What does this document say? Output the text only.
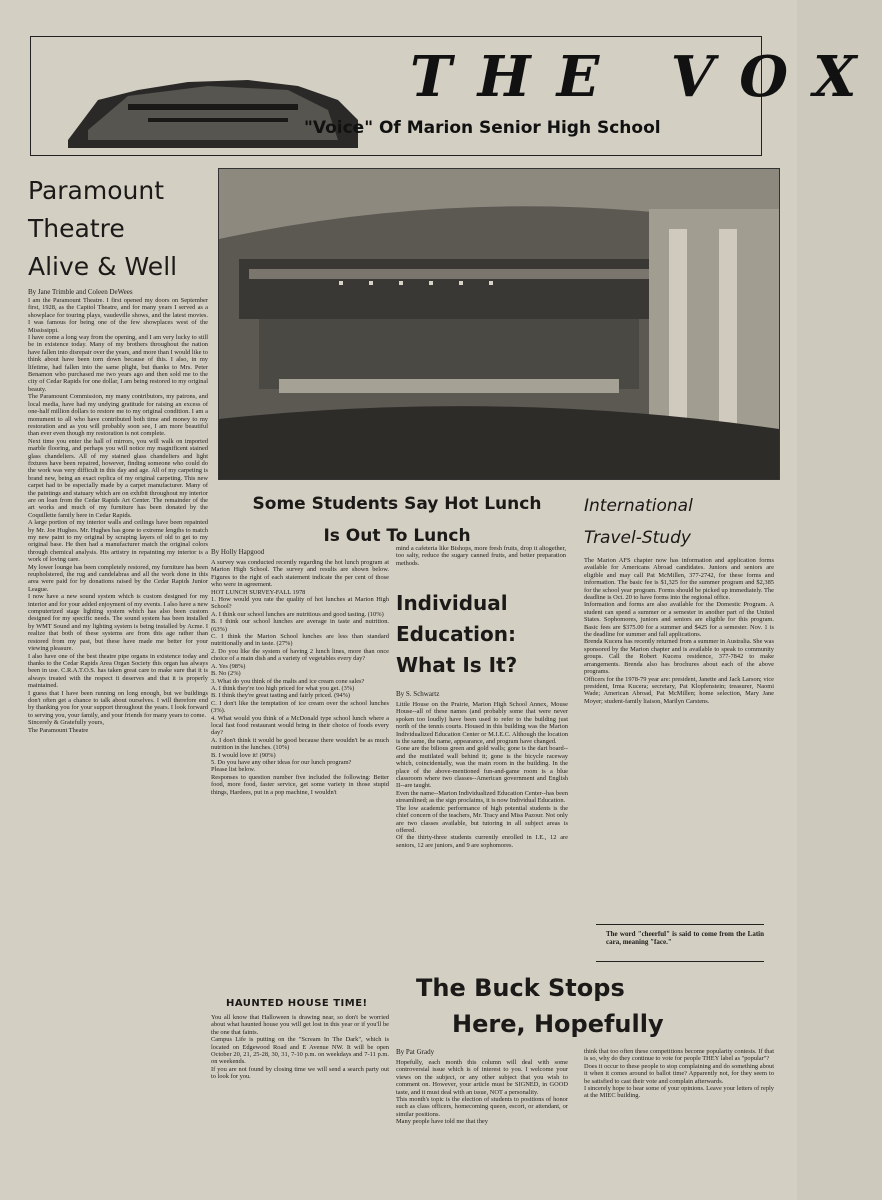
THE VOX
"Voice" Of Marion Senior High School
Paramount
Theatre
Alive & Well
By Jane Trimble and Coleen DeWees
I am the Paramount Theatre. I first opened my doors on September first, 1928, as the Capitol Theatre, and for many years I served as a showplace for touring plays, vaudeville shows, and the latest movies. I was famous for being one of the few showplaces west of the Mississippi.
I have come a long way from the opening, and I am very lucky to still be in existence today. Many of my brothers throughout the nation have fallen into disrepair over the years, and more than I would like to think about have been torn down because of this. I also, in my lifetime, had fallen into the same plight, but thanks to Mrs. Peter Benamon who purchased me two years ago and then sold me to the city of Cedar Rapids for one dollar, I am being restored to my original beauty.
The Paramount Commission, my many contributors, my patrons, and local media, have had my undying gratitude for raising an excess of one-half million dollars to restore me to my original condition. I am a monument to all who have contributed both time and money to my restoration and as you will probably soon see, I am more beautiful than ever even though my restoration is not complete.
Next time you enter the hall of mirrors, you will walk on imported marble flooring, and perhaps you will notice my magnificent stained glass chandeliers. All of my stained glass chandeliers and light fixtures have been repaired, however, finding someone who could do the work was very difficult in this day and age. All of my carpeting is brand new, being an exact replica of my original carpeting. This new carpet had to be especially made by a carpet manufacturer. Many of the paintings and statuary which are on exhibit throughout my interior are on loan from the Cedar Rapids Art Center. The remainder of the art works and much of my furniture has been donated by the Coquillette family here in Cedar Rapids.
A large portion of my interior walls and ceilings have been repainted by Mr. Joe Hughes. Mr. Hughes has gone to extreme lengths to match my new paint to my original by scraping layers of old to get to my original base. He then had a manufacturer match the original colors through chemical analysis. His artistry in repainting my interior is a work of loving care.
My lower lounge has been completely restored, my furniture has been reupholstered, the rug and candelabras and all the work done in this area were paid for by donations raised by the Cedar Rapids Junior League.
I now have a new sound system which is custom designed for my interior and for your added enjoyment of my events. I also have a new computerized stage lighting system which has also been custom designed for my specific needs. The sound system has been installed by WMT Sound and my lighting system is being installed by Acme. I realize that both of these systems are from this age rather than restored from my past, but these have made me better for your viewing pleasure.
I also have one of the best theatre pipe organs in existence today and thanks to the Cedar Rapids Area Organ Society this organ has always been in use. C.R.A.T.O.S. has taken great care to make sure that it is always treated with the respect it deserves and that it is properly maintained.
I guess that I have been running on long enough, but we buildings don't often get a chance to talk about ourselves. I will therefore end by thanking you for your support throughout the years. I look forward to serving you, your family, and your friends for many years to come.
Sincerely & Gratefully yours,
The Paramount Theatre
Some Students Say Hot Lunch
Is Out To Lunch
By Holly Hapgood
A survey was conducted recently regarding the hot lunch program at Marion High School. The survey and results are shown below. Figures to the right of each statement indicate the per cent of those who were in agreement.
HOT LUNCH SURVEY-FALL 1978
1. How would you rate the quality of hot lunches at Marion High School?
A. I think our school lunches are nutritious and good tasting. (10%)
B. I think our school lunches are average in taste and nutrition. (63%)
C. I think the Marion School lunches are less than standard nutritionally and in taste. (27%)
2. Do you like the system of having 2 lunch lines, more than once choice of a main dish and a variety of vegetables every day?
A. Yes (98%)
B. No (2%)
3. What do you think of the malts and ice cream cone sales?
A. I think they're too high priced for what you get. (3%)
B. I think they're great tasting and fairly priced. (94%)
C. I don't like the temptation of ice cream over the school lunches (3%).
4. What would you think of a McDonald type school lunch where a local fast food restaurant would bring in their choice of foods every day?
A. I don't think it would be good because there wouldn't be as much nutrition in the lunches. (10%)
B. I would love it! (90%)
5. Do you have any other ideas for our lunch program?
Please list below.
Responses to question number five included the following: Better food, more food, faster service, get some variety in those stupid things, Hardees, put in a pop machine, I wouldn't
mind a cafeteria like Bishops, more fresh fruits, drop it altogether, too salty, reduce the sugary canned fruits, and better preparation methods.
HAUNTED HOUSE TIME!
You all know that Halloween is drawing near, so don't be worried about what haunted house you will get lost in this year or if you'll be the one that faints.
Campus Life is putting on the "Scream In The Dark", which is located on Edgewood Road and E Avenue NW. It will be open October 20, 21, 25-28, 30, 31, 7-10 p.m. on weekdays and 7-11 p.m. on weekends.
If you are not found by closing time we will send a search party out to look for you.
Individual
Education:
What Is It?
By S. Schwartz
Little House on the Prairie, Marion High School Annex, Mouse House--all of these names (and probably some that were never spoken too loudly) have been used to refer to the building just north of the tennis courts. Housed in this building was the Marion Individualized Education Center or M.I.E.C. Although the location is the same, the name, appearance, and program have changed.
Gone are the bilious green and gold walls; gone is the dart board--and the mutilated wall behind it; gone is the bicycle raceway which, coincidentally, was the main room in the building. In the place of the above-mentioned fun-and-game room is a blue classroom where two classes--American government and English II--are taught.
Even the name--Marion Individualized Education Center--has been streamlined; as the sign proclaims, it is now Individual Education.
The low academic performance of high potential students is the chief concern of the teachers, Mr. Tracy and Miss Pazour. Not only are two classes available, but tutoring in all subject areas is offered.
Of the thirty-three students currently enrolled in I.E., 12 are seniors, 12 are juniors, and 9 are sophomores.
International
Travel-Study
The Marion AFS chapter now has information and application forms available for Americans Abroad candidates. Juniors and seniors are eligible and may call Pat McMillen, 377-2742, for these forms and information. The basic fee is $1,325 for the summer program and $2,385 for the school year program. Forms should be picked up immediately. The deadline is Oct. 20 to have forms into the regional office.
Information and forms are also available for the Domestic Program. A student can spend a summer or a semester in another part of the United States. Sophomores, juniors and seniors are eligible for this program. Basic fees are $375.00 for a summer and $425 for a semester. Nov. 1 is the deadline for summer and fall applications.
Brenda Kucera has recently returned from a summer in Australia. She was sponsored by the Marion chapter and is available to speak to community groups. Call the Robert Kucera residence, 377-7842 to make arrangements. Brenda also has brochures about each of the above programs.
Officers for the 1978-79 year are: president, Janette and Jack Larson; vice president, Irma Kucera; secretary, Pat Klopfenstein; treasurer, Naomi Wade; American Abroad, Pat McMillen; home selection, Mary Jane Moyer; student-family liaison, Marilyn Carstens.
The word "cheerful" is said to come from the Latin cara, meaning "face."
The Buck Stops
Here, Hopefully
By Pat Grady
Hopefully, each month this column will deal with some controversial issue which is of interest to you. I welcome your views on the subject, or any other subject that you wish to comment on. However, your article must be SIGNED, in GOOD taste, and it must deal with an issue, NOT a personality.
This month's topic is the election of students to positions of honor such as class officers, homecoming queen, escort, or attendant, or similar positions.
Many people have told me that they
think that too often these competitions become popularity contests. If that is so, why do they continue to vote for people THEY label as "popular"?
Does it occur to these people to stop complaining and do something about it when it comes around to ballot time? Apparently not, for they seem to be satisfied to cast their vote and complain afterwards.
I sincerely hope to hear some of your opinions. Leave your letters of reply at the MIEC building.
